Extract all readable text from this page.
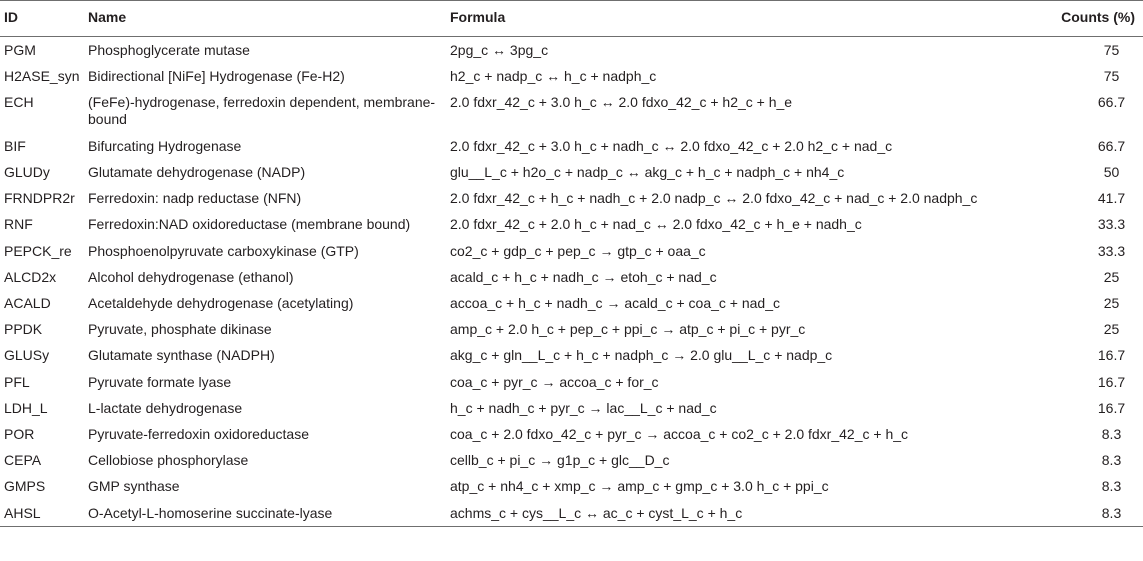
ID	Name	Formula	Counts (%)
PGM	Phosphoglycerate mutase	2pg_c ↔ 3pg_c	75
H2ASE_syn	Bidirectional [NiFe] Hydrogenase (Fe-H2)	h2_c + nadp_c ↔ h_c + nadph_c	75
ECH	(FeFe)-hydrogenase, ferredoxin dependent, membrane-bound	2.0 fdxr_42_c + 3.0 h_c ↔ 2.0 fdxo_42_c + h2_c + h_e	66.7
BIF	Bifurcating Hydrogenase	2.0 fdxr_42_c + 3.0 h_c + nadh_c ↔ 2.0 fdxo_42_c + 2.0 h2_c + nad_c	66.7
GLUDy	Glutamate dehydrogenase (NADP)	glu__L_c + h2o_c + nadp_c ↔ akg_c + h_c + nadph_c + nh4_c	50
FRNDPR2r	Ferredoxin: nadp reductase (NFN)	2.0 fdxr_42_c + h_c + nadh_c + 2.0 nadp_c ↔ 2.0 fdxo_42_c + nad_c + 2.0 nadph_c	41.7
RNF	Ferredoxin:NAD oxidoreductase (membrane bound)	2.0 fdxr_42_c + 2.0 h_c + nad_c ↔ 2.0 fdxo_42_c + h_e + nadh_c	33.3
PEPCK_re	Phosphoenolpyruvate carboxykinase (GTP)	co2_c + gdp_c + pep_c → gtp_c + oaa_c	33.3
ALCD2x	Alcohol dehydrogenase (ethanol)	acald_c + h_c + nadh_c → etoh_c + nad_c	25
ACALD	Acetaldehyde dehydrogenase (acetylating)	accoa_c + h_c + nadh_c → acald_c + coa_c + nad_c	25
PPDK	Pyruvate, phosphate dikinase	amp_c + 2.0 h_c + pep_c + ppi_c → atp_c + pi_c + pyr_c	25
GLUSy	Glutamate synthase (NADPH)	akg_c + gln__L_c + h_c + nadph_c → 2.0 glu__L_c + nadp_c	16.7
PFL	Pyruvate formate lyase	coa_c + pyr_c → accoa_c + for_c	16.7
LDH_L	L-lactate dehydrogenase	h_c + nadh_c + pyr_c → lac__L_c + nad_c	16.7
POR	Pyruvate-ferredoxin oxidoreductase	coa_c + 2.0 fdxo_42_c + pyr_c → accoa_c + co2_c + 2.0 fdxr_42_c + h_c	8.3
CEPA	Cellobiose phosphorylase	cellb_c + pi_c → g1p_c + glc__D_c	8.3
GMPS	GMP synthase	atp_c + nh4_c + xmp_c → amp_c + gmp_c + 3.0 h_c + ppi_c	8.3
AHSL	O-Acetyl-L-homoserine succinate-lyase	achms_c + cys__L_c ↔ ac_c + cyst_L_c + h_c	8.3
